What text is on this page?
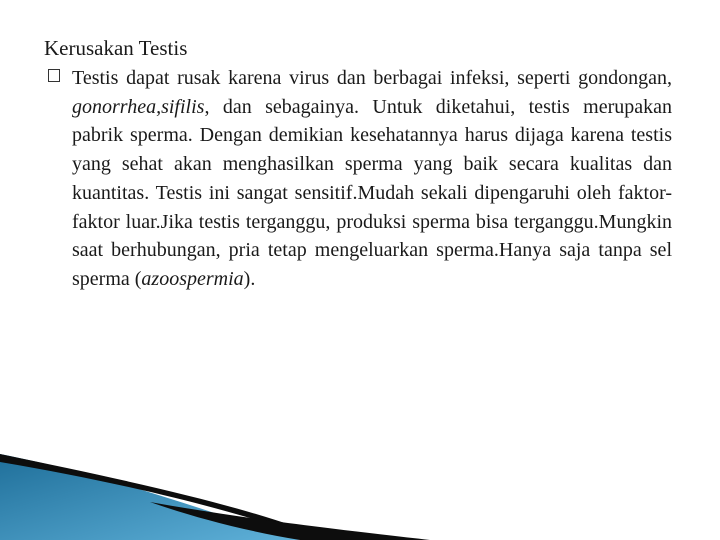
Kerusakan Testis

Testis dapat rusak karena virus dan berbagai infeksi, seperti gondongan, gonorrhea,sifilis, dan sebagainya. Untuk diketahui, testis merupakan pabrik sperma. Dengan demikian kesehatannya harus dijaga karena testis yang sehat akan menghasilkan sperma yang baik secara kualitas dan kuantitas. Testis ini sangat sensitif.Mudah sekali dipengaruhi oleh faktor-faktor luar.Jika testis terganggu, produksi sperma bisa terganggu.Mungkin saat berhubungan, pria tetap mengeluarkan sperma.Hanya saja tanpa sel sperma (azoospermia).
